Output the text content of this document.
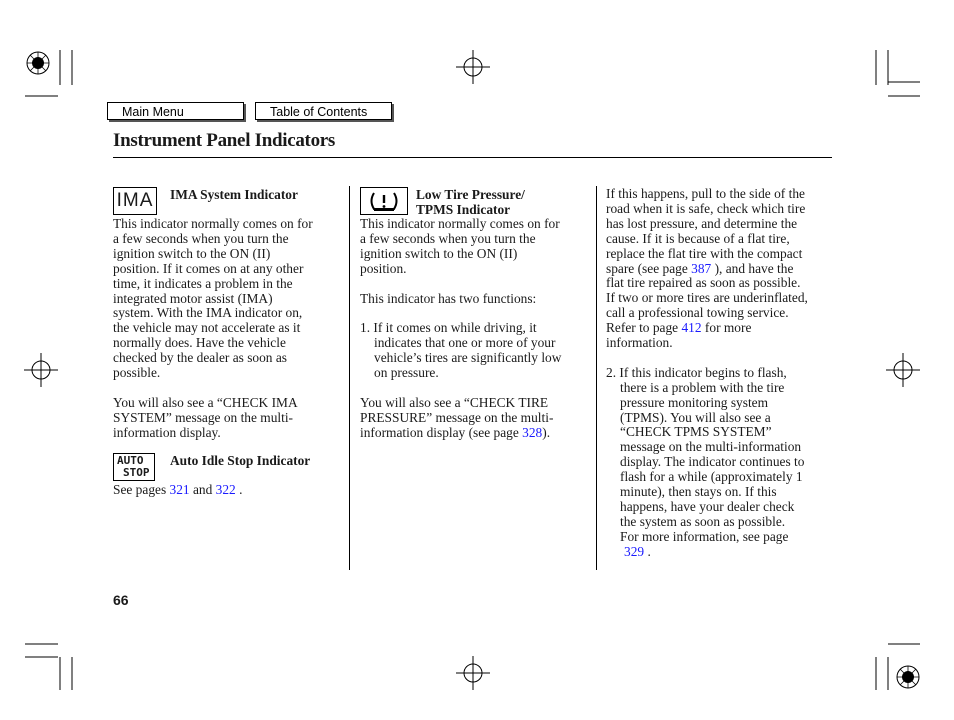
Main Menu	Table of Contents
Instrument Panel Indicators
IMA IMA System Indicator

This indicator normally comes on for

a few seconds when you turn the

ignition switch to the ON (II)

position. If it comes on at any other

time, it indicates a problem in the

integrated motor assist (IMA)

system. With the IMA indicator on,

the vehicle may not accelerate as it

normally does. Have the vehicle

checked by the dealer as soon as

possible.

You will also see a “CHECK IMA

SYSTEM” message on the multi-

information display.

AUTO
STOP
Auto Idle Stop Indicator
See pages 321 and 322 .
Low Tire Pressure/
TPMS Indicator

This indicator normally comes on for

a few seconds when you turn the

ignition switch to the ON (II)

position.

This indicator has two functions:

1. If it comes on while driving, it

indicates that one or more of your

vehicle’s tires are significantly low

on pressure.

You will also see a “CHECK TIRE

PRESSURE” message on the multi-

information display (see page 328).

If this happens, pull to the side of the

road when it is safe, check which tire

has lost pressure, and determine the

cause. If it is because of a flat tire,

replace the flat tire with the compact

spare (see page 387 ), and have the

flat tire repaired as soon as possible.

If two or more tires are underinflated,

call a professional towing service.

Refer to page 412 for more

information.

2. If this indicator begins to flash,

there is a problem with the tire

pressure monitoring system

(TPMS). You will also see a

“CHECK TPMS SYSTEM”

message on the multi-information

display. The indicator continues to

flash for a while (approximately 1

minute), then stays on. If this

happens, have your dealer check

the system as soon as possible.

For more information, see page

329 .

66
